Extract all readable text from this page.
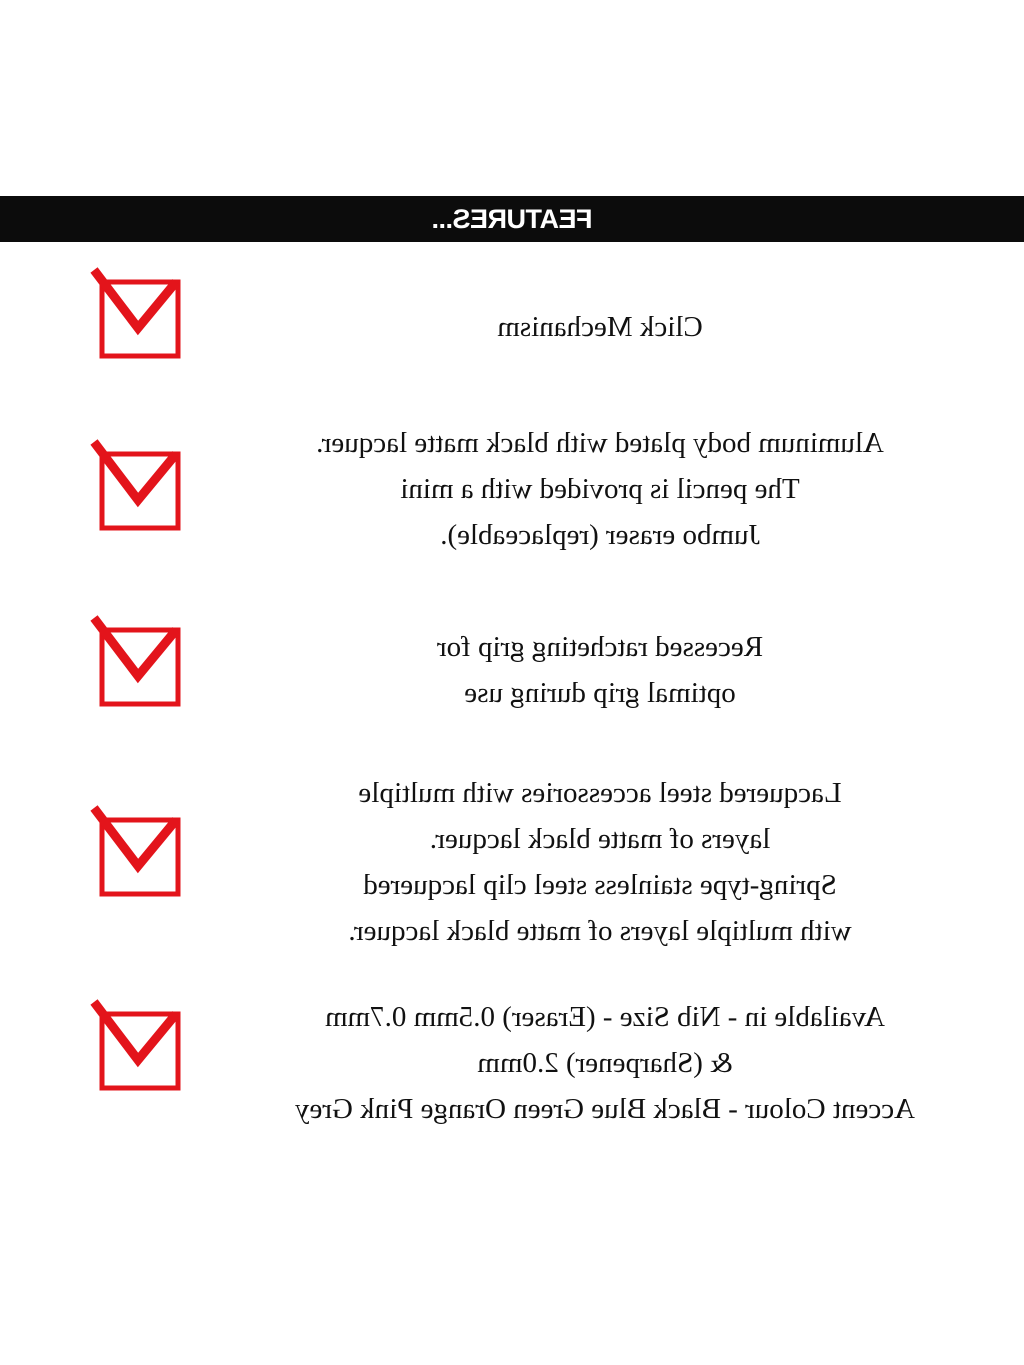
FEATURES...
Click Mechanism
Aluminum body plated with black matte lacquer.
The pencil is provided with a mini
Jumbo eraser (replaceable).
Recessed ratcheting grip for
optimal grip during use
Lacquered steel accessories with multiple
layers of matte black lacquer.
Spring-type stainless steel clip lacquered
with multiple layers of matte black lacquer.
Available in - Nib Size - (Eraser) 0.5mm 0.7mm
& (Sharpener) 2.0mm
Accent Colour - Black Blue Green Orange Pink Grey
